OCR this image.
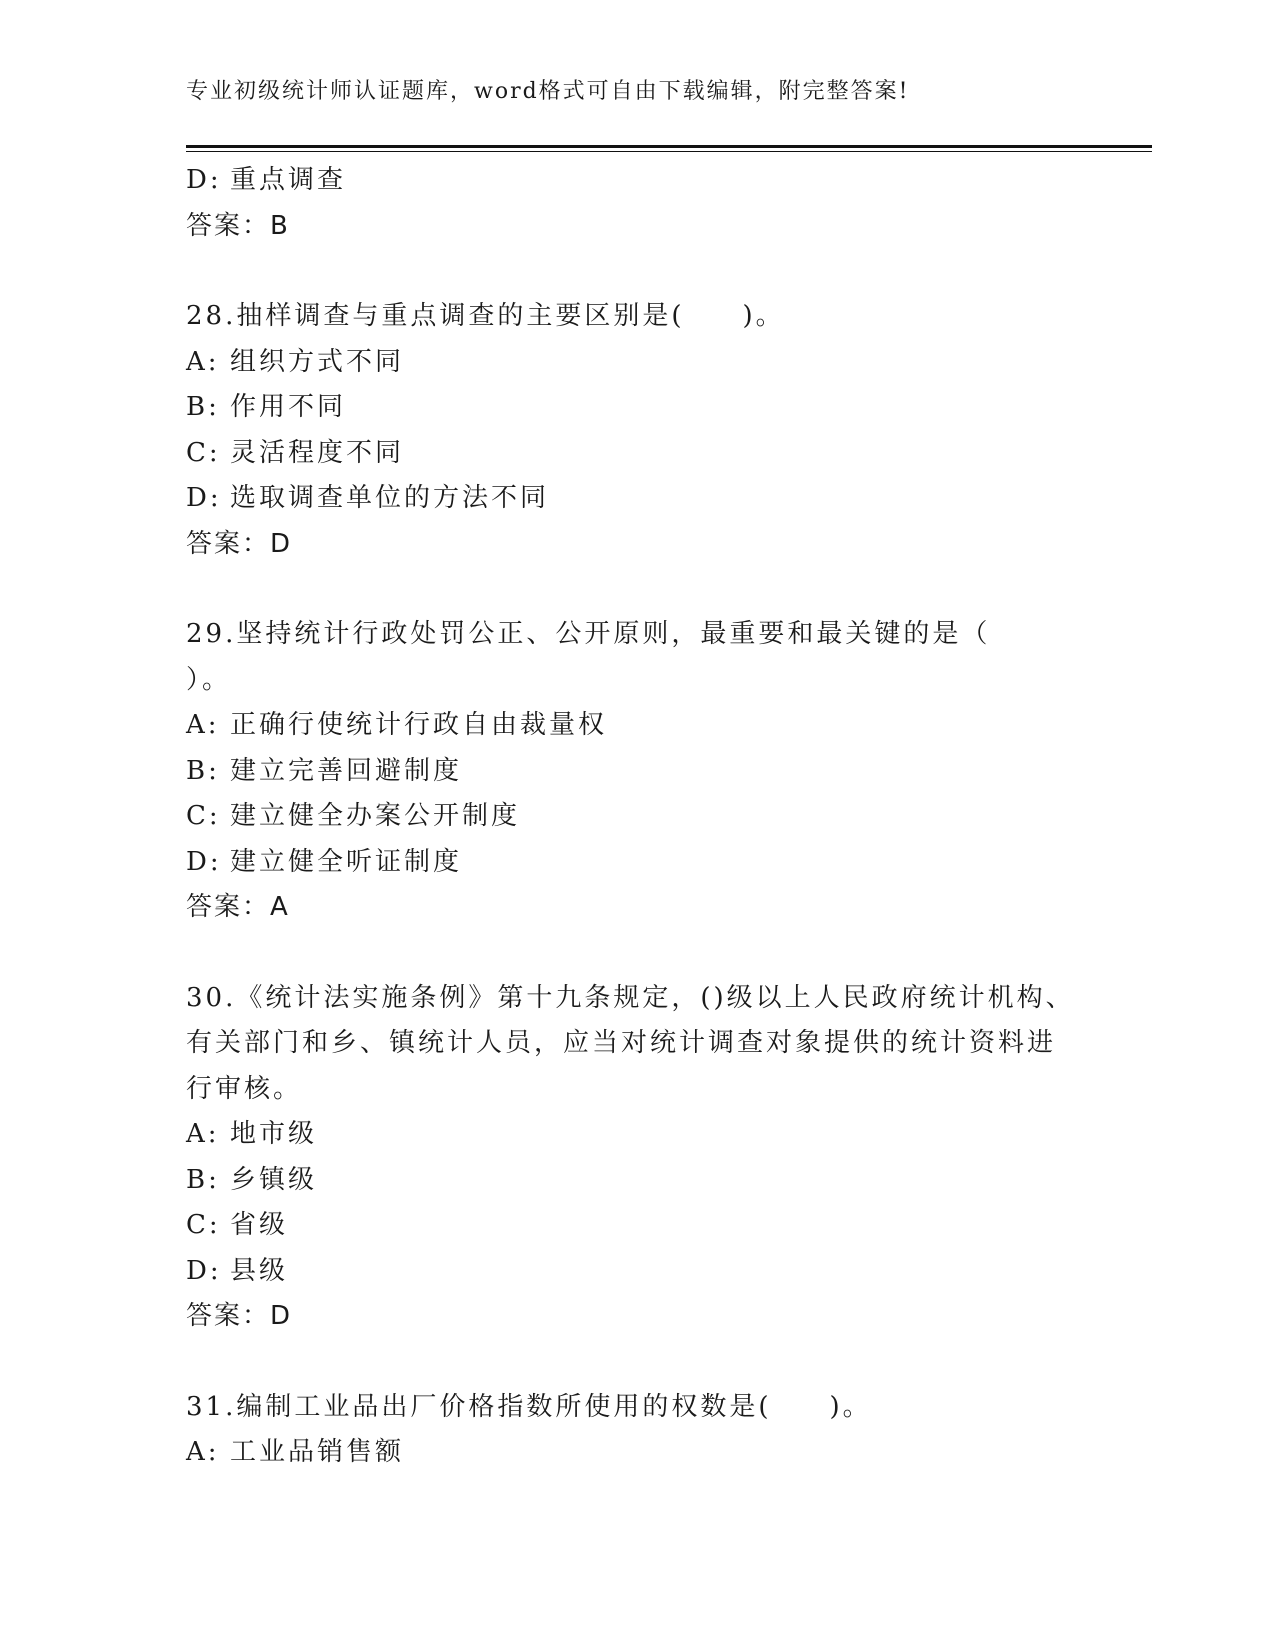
专业初级统计师认证题库，word格式可自由下载编辑，附完整答案!
D: 重点调查
答案：B
28.抽样调查与重点调查的主要区别是(　　)。
A: 组织方式不同
B: 作用不同
C: 灵活程度不同
D: 选取调查单位的方法不同
答案：D
29.坚持统计行政处罚公正、公开原则，最重要和最关键的是（
）。
A: 正确行使统计行政自由裁量权
B: 建立完善回避制度
C: 建立健全办案公开制度
D: 建立健全听证制度
答案：A
30.《统计法实施条例》第十九条规定，()级以上人民政府统计机构、
有关部门和乡、镇统计人员，应当对统计调查对象提供的统计资料进
行审核。
A: 地市级
B: 乡镇级
C: 省级
D: 县级
答案：D
31.编制工业品出厂价格指数所使用的权数是(　　)。
A: 工业品销售额
